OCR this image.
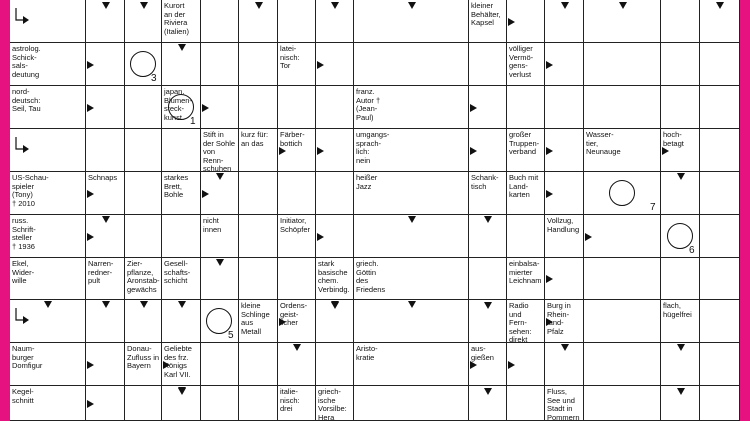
Kurort
an der
Riviera
(Italien)
kleiner
Behälter,
Kapsel
astrolog.
Schick-
sals-
deutung
latei-
nisch:
Tor
völliger
Vermö-
gens-
verlust
nord-
deutsch:
Seil, Tau
japan.
Blumen-
steck-
kunst
franz.
Autor †
(Jean-
Paul)
Stift in
der Sohle
von Renn-
schuhen
kurz für:
an das
Färber-
bottich
umgangs-
sprach-
lich:
nein
großer
Truppen-
verband
Wasser-
tier,
Neunauge
hoch-
betagt
US-Schau-
spieler
(Tony)
† 2010
Schnaps	starkes
Brett,
Bohle
heißer
Jazz
Schank-
tisch
Buch mit
Land-
karten
russ.
Schrift-
steller
† 1936
nicht
innen
Initiator,
Schöpfer
Vollzug,
Handlung
Ekel,
Wider-
wille
Narren-
redner-
pult
Zier-
pflanze,
Aronstab-
gewächs
Gesell-
schafts-
schicht
stark
basische
chem.
Verbindg.
griech.
Göttin
des
Friedens
einbalsa-
mierter
Leichnam
kleine
Schlinge
aus
Metall
Ordens-
geist-
licher
Radio und
Fern-
sehen:
direkt
Burg in
Rhein-
land-
Pfalz
flach,
hügelfrei
Naum-
burger
Domfigur
Donau-
Zufluss in
Bayern
Geliebte
des frz.
Königs
Karl VII.
Aristo-
kratie
aus-
gießen
Kegel-
schnitt
italie-
nisch:
drei
griech-
ische
Vorsilbe:
Hera
Fluss,
See und
Stadt in
Pommern
3
1
7
6
5
